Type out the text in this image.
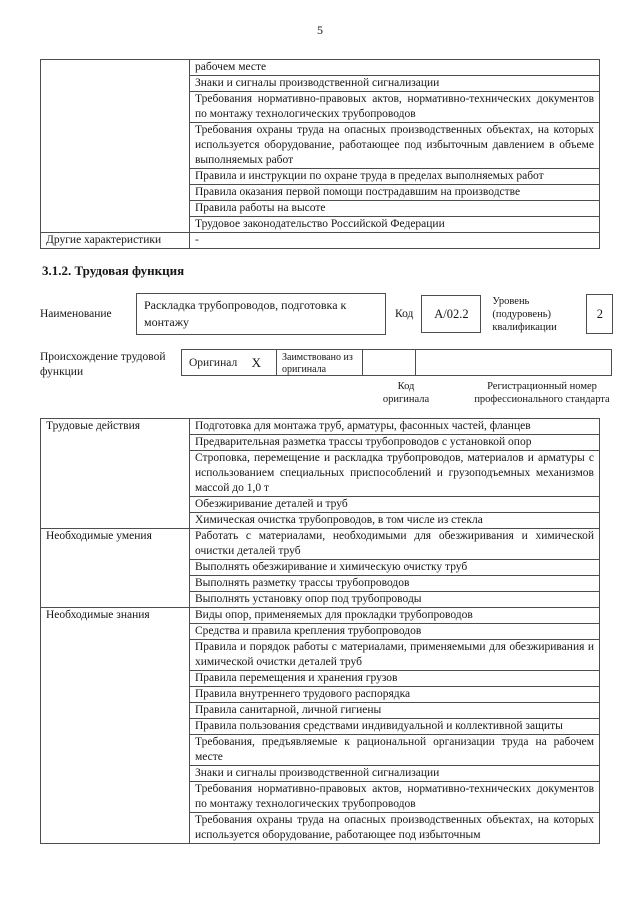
5
	рабочем месте
	Знаки и сигналы производственной сигнализации
	Требования нормативно-правовых актов, нормативно-технических документов по монтажу технологических трубопроводов
	Требования охраны труда на опасных производственных объектах, на которых используется оборудование, работающее под избыточным давлением в объеме выполняемых работ
	Правила и инструкции по охране труда в пределах выполняемых работ
	Правила оказания первой помощи пострадавшим на производстве
	Правила работы на высоте
	Трудовое законодательство Российской Федерации
Другие характеристики	-
3.1.2. Трудовая функция
Наименование
Раскладка трубопроводов, подготовка к монтажу
Код А/02.2
Уровень (подуровень) квалификации
2
Происхождение трудовой функции
Оригинал X	Заимствовано из оригинала
Код оригинала
Регистрационный номер профессионального стандарта
Трудовые действия	Подготовка для монтажа труб, арматуры, фасонных частей, фланцев
	Предварительная разметка трассы трубопроводов с установкой опор
	Строповка, перемещение и раскладка трубопроводов, материалов и арматуры с использованием специальных приспособлений и грузоподъемных механизмов массой до 1,0 т
	Обезжиривание деталей и труб
	Химическая очистка трубопроводов, в том числе из стекла
Необходимые умения	Работать с материалами, необходимыми для обезжиривания и химической очистки деталей труб
	Выполнять обезжиривание и химическую очистку труб
	Выполнять разметку трассы трубопроводов
	Выполнять установку опор под трубопроводы
Необходимые знания	Виды опор, применяемых для прокладки трубопроводов
	Средства и правила крепления трубопроводов
	Правила и порядок работы с материалами, применяемыми для обезжиривания и химической очистки деталей труб
	Правила перемещения и хранения грузов
	Правила внутреннего трудового распорядка
	Правила санитарной, личной гигиены
	Правила пользования средствами индивидуальной и коллективной защиты
	Требования, предъявляемые к рациональной организации труда на рабочем месте
	Знаки и сигналы производственной сигнализации
	Требования нормативно-правовых актов, нормативно-технических документов по монтажу технологических трубопроводов
	Требования охраны труда на опасных производственных объектах, на которых используется оборудование, работающее под избыточным
